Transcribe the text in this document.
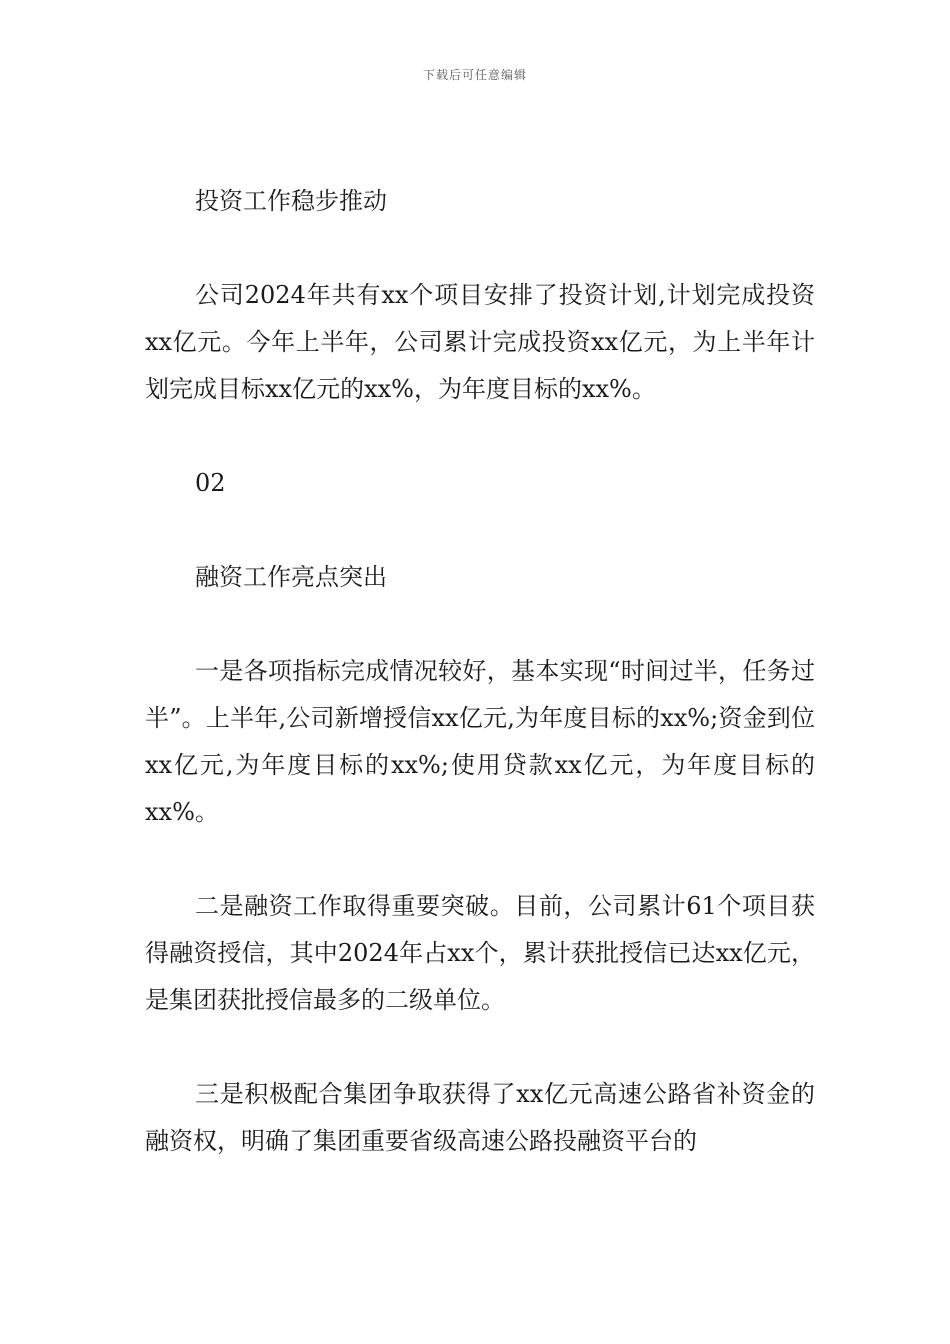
下载后可任意编辑

投资工作稳步推动

公司2024年共有xx个项目安排了投资计划,计划完成投资xx亿元。今年上半年，公司累计完成投资xx亿元，为上半年计划完成目标xx亿元的xx%，为年度目标的xx%。

02

融资工作亮点突出

一是各项指标完成情况较好，基本实现“时间过半，任务过半”。上半年,公司新增授信xx亿元,为年度目标的xx%;资金到位xx亿元,为年度目标的xx%;使用贷款xx亿元，为年度目标的xx%。

二是融资工作取得重要突破。目前，公司累计61个项目获得融资授信，其中2024年占xx个，累计获批授信已达xx亿元，是集团获批授信最多的二级单位。

三是积极配合集团争取获得了xx亿元高速公路省补资金的融资权，明确了集团重要省级高速公路投融资平台的
